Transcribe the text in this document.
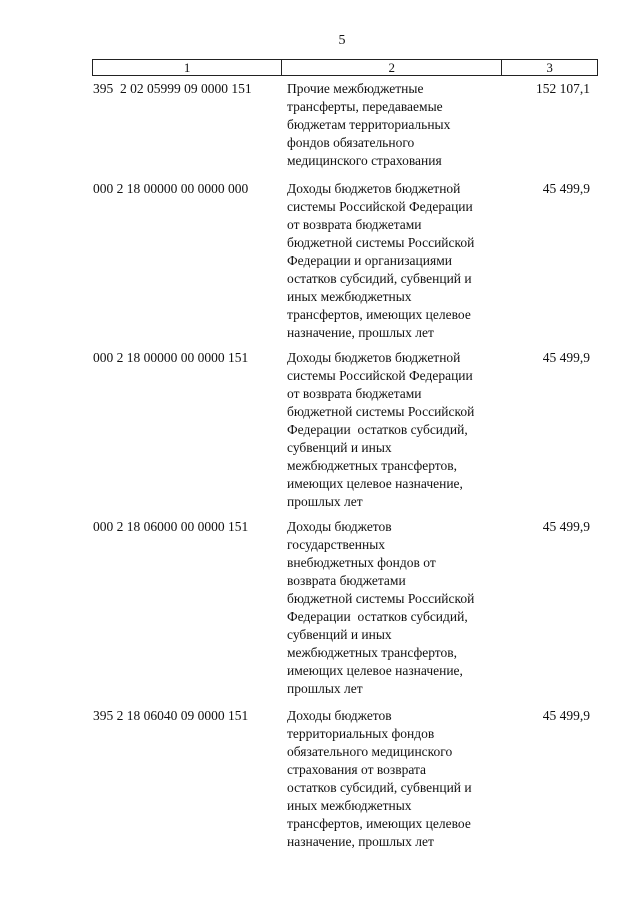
5
1	2	3
395  2 02 05999 09 0000 151	Прочие межбюджетные
трансферты, передаваемые
бюджетам территориальных
фондов обязательного
медицинского страхования
152 107,1
000 2 18 00000 00 0000 000	Доходы бюджетов бюджетной
системы Российской Федерации
от возврата бюджетами
бюджетной системы Российской
Федерации и организациями
остатков субсидий, субвенций и
иных межбюджетных
трансфертов, имеющих целевое
назначение, прошлых лет
45 499,9
000 2 18 00000 00 0000 151	Доходы бюджетов бюджетной
системы Российской Федерации
от возврата бюджетами
бюджетной системы Российской
Федерации  остатков субсидий,
субвенций и иных
межбюджетных трансфертов,
имеющих целевое назначение,
прошлых лет
45 499,9
000 2 18 06000 00 0000 151	Доходы бюджетов
государственных
внебюджетных фондов от
возврата бюджетами
бюджетной системы Российской
Федерации  остатков субсидий,
субвенций и иных
межбюджетных трансфертов,
имеющих целевое назначение,
прошлых лет
45 499,9
395 2 18 06040 09 0000 151	Доходы бюджетов
территориальных фондов
обязательного медицинского
страхования от возврата
остатков субсидий, субвенций и
иных межбюджетных
трансфертов, имеющих целевое
назначение, прошлых лет
45 499,9
